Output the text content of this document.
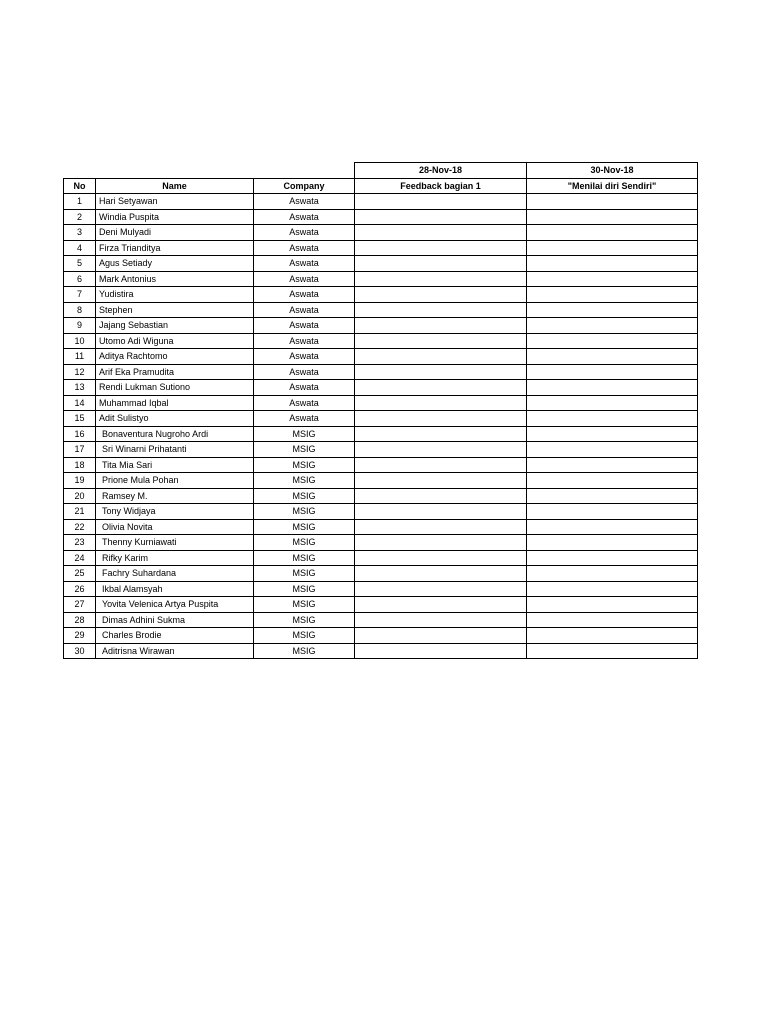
			28-Nov-18	30-Nov-18
No	Name	Company	Feedback bagian 1	"Menilai diri Sendiri"
1	Hari Setyawan	Aswata		
2	Windia Puspita	Aswata		
3	Deni Mulyadi	Aswata		
4	Firza Trianditya	Aswata		
5	Agus Setiady	Aswata		
6	Mark Antonius	Aswata		
7	Yudistira	Aswata		
8	Stephen	Aswata		
9	Jajang Sebastian	Aswata		
10	Utomo Adi Wiguna	Aswata		
11	Aditya Rachtomo	Aswata		
12	Arif Eka Pramudita	Aswata		
13	Rendi Lukman Sutiono	Aswata		
14	Muhammad Iqbal	Aswata		
15	Adit Sulistyo	Aswata		
16	Bonaventura Nugroho Ardi	MSIG		
17	Sri Winarni Prihatanti	MSIG		
18	Tita Mia Sari	MSIG		
19	Prione Mula Pohan	MSIG		
20	Ramsey M.	MSIG		
21	Tony Widjaya	MSIG		
22	Olivia Novita	MSIG		
23	Thenny Kurniawati	MSIG		
24	Rifky Karim	MSIG		
25	Fachry Suhardana	MSIG		
26	Ikbal Alamsyah	MSIG		
27	Yovita Velenica Artya Puspita	MSIG		
28	Dimas Adhini Sukma	MSIG		
29	Charles Brodie	MSIG		
30	Aditrisna Wirawan	MSIG		
